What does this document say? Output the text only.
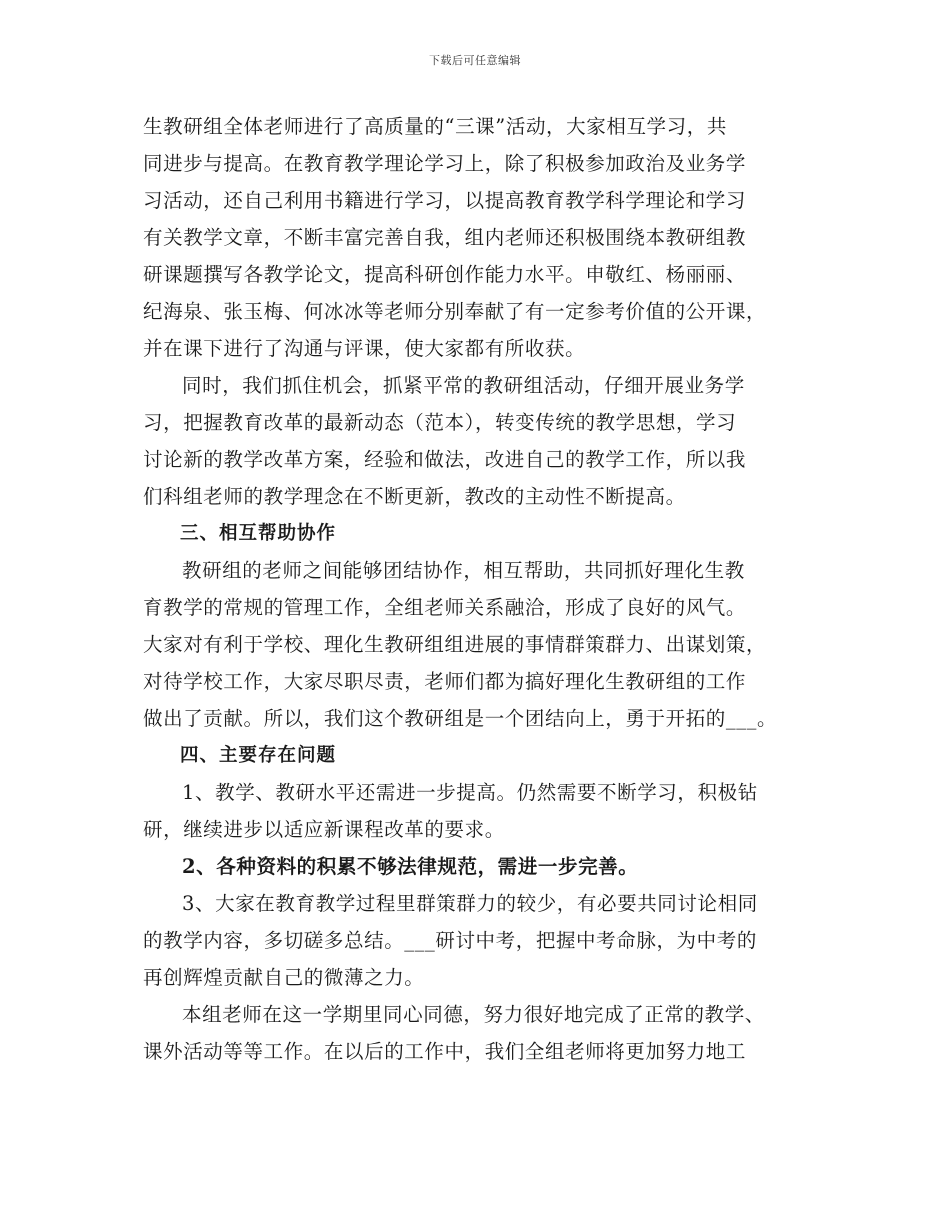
下载后可任意编辑

生教研组全体老师进行了高质量的“三课”活动，大家相互学习，共
同进步与提高。在教育教学理论学习上，除了积极参加政治及业务学
习活动，还自己利用书籍进行学习，以提高教育教学科学理论和学习
有关教学文章，不断丰富完善自我，组内老师还积极围绕本教研组教
研课题撰写各教学论文，提高科研创作能力水平。申敬红、杨丽丽、
纪海泉、张玉梅、何冰冰等老师分别奉献了有一定参考价值的公开课，
并在课下进行了沟通与评课，使大家都有所收获。

同时，我们抓住机会，抓紧平常的教研组活动，仔细开展业务学
习，把握教育改革的最新动态（范本），转变传统的教学思想，学习
讨论新的教学改革方案，经验和做法，改进自己的教学工作，所以我
们科组老师的教学理念在不断更新，教改的主动性不断提高。

三、相互帮助协作

教研组的老师之间能够团结协作，相互帮助，共同抓好理化生教
育教学的常规的管理工作，全组老师关系融洽，形成了良好的风气。
大家对有利于学校、理化生教研组组进展的事情群策群力、出谋划策，
对待学校工作，大家尽职尽责，老师们都为搞好理化生教研组的工作
做出了贡献。所以，我们这个教研组是一个团结向上，勇于开拓的___。

四、主要存在问题

1、教学、教研水平还需进一步提高。仍然需要不断学习，积极钻
研，继续进步以适应新课程改革的要求。

2、各种资料的积累不够法律规范，需进一步完善。

3、大家在教育教学过程里群策群力的较少，有必要共同讨论相同
的教学内容，多切磋多总结。___研讨中考，把握中考命脉，为中考的
再创辉煌贡献自己的微薄之力。

本组老师在这一学期里同心同德，努力很好地完成了正常的教学、
课外活动等等工作。在以后的工作中，我们全组老师将更加努力地工
